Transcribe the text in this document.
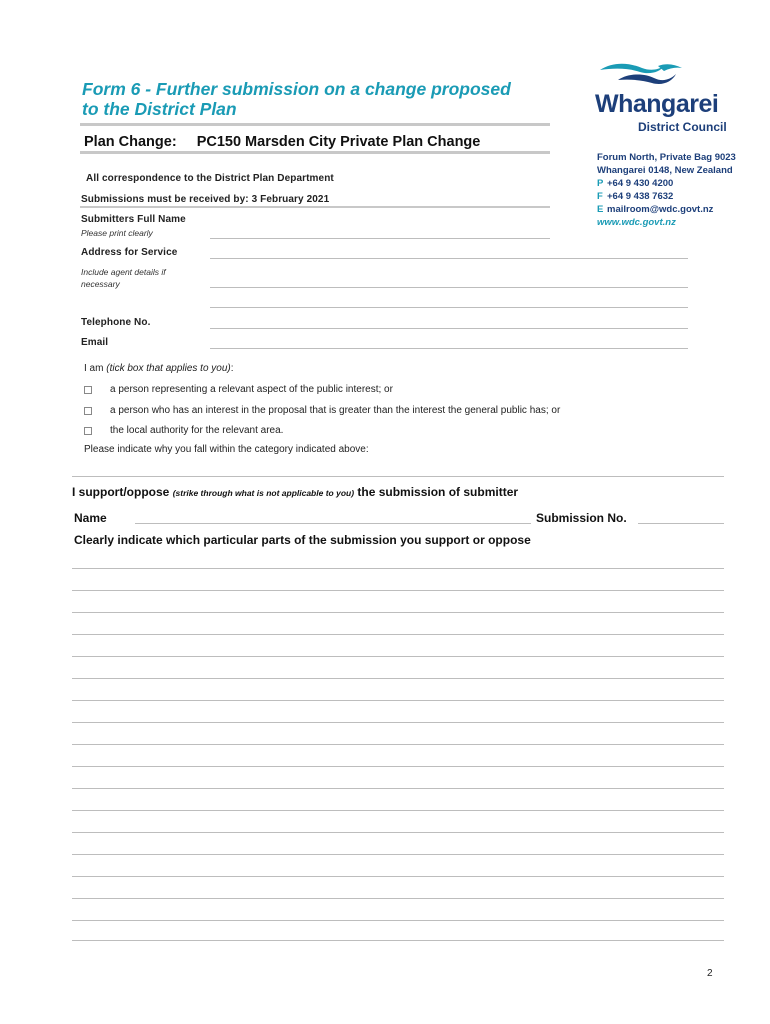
Form 6 - Further submission on a change proposed
to the District Plan	Whangarei
District Council
Forum North, Private Bag 9023
Whangarei 0148, New Zealand
P +64 9 430 4200
F +64 9 438 7632
E mailroom@wdc.govt.nz
www.wdc.govt.nz
Plan Change: PC150 Marsden City Private Plan Change
All correspondence to the District Plan Department
Submissions must be received by: 3 February 2021
Submitters Full Name
Please print clearly
Address for Service
Include agent details if necessary
Telephone No.
Email
I am (tick box that applies to you):
a person representing a relevant aspect of the public interest; or
a person who has an interest in the proposal that is greater than the interest the general public has; or
the local authority for the relevant area.
Please indicate why you fall within the category indicated above:
I support/oppose (strike through what is not applicable to you) the submission of submitter
Name	Submission No.
Clearly indicate which particular parts of the submission you support or oppose
2
